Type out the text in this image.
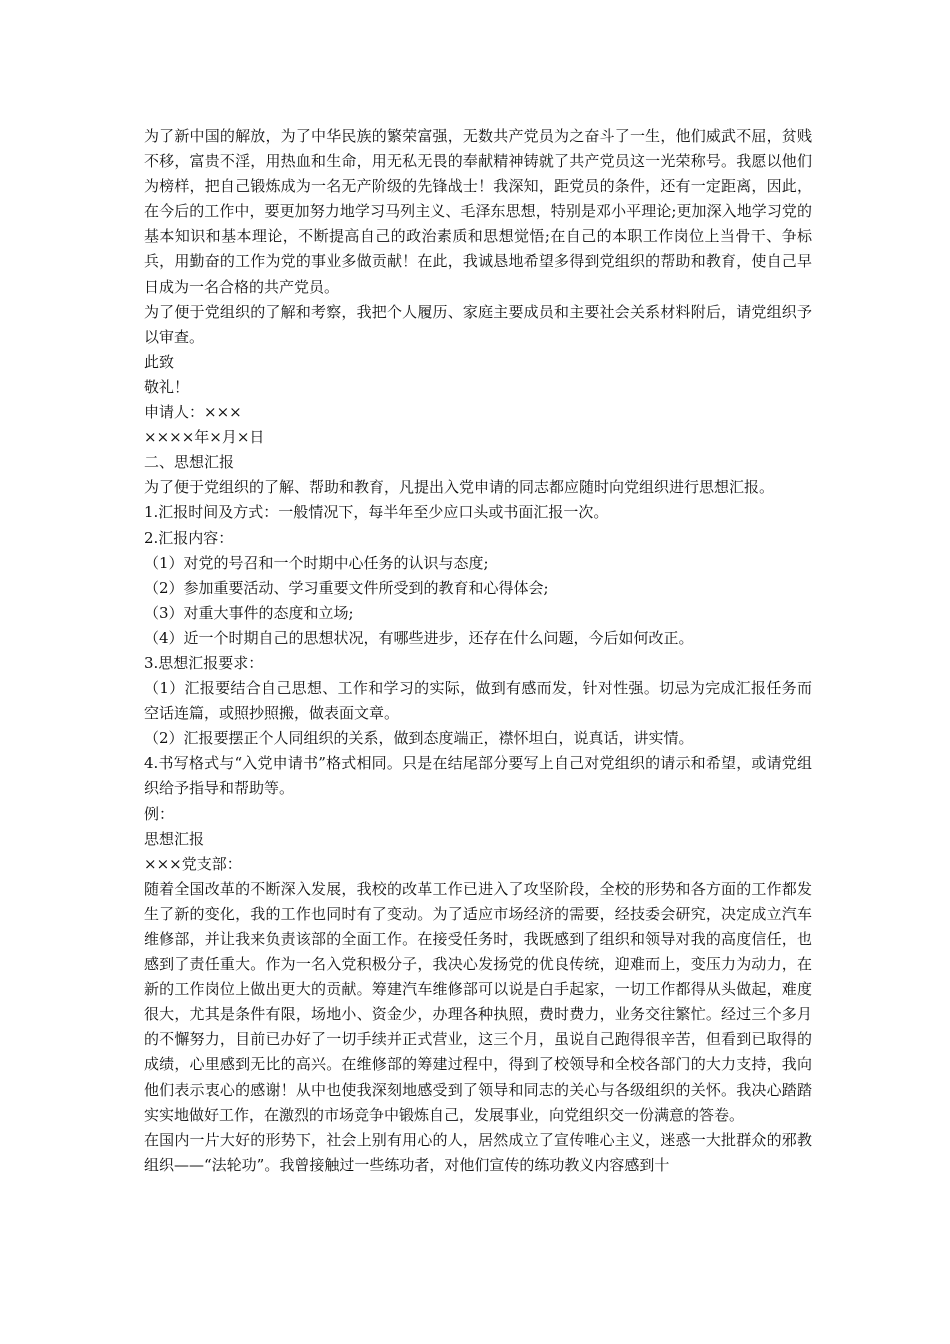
为了新中国的解放，为了中华民族的繁荣富强，无数共产党员为之奋斗了一生，他们威武不屈，贫贱不移，富贵不淫，用热血和生命，用无私无畏的奉献精神铸就了共产党员这一光荣称号。我愿以他们为榜样，把自己锻炼成为一名无产阶级的先锋战士！我深知，距党员的条件，还有一定距离，因此，在今后的工作中，要更加努力地学习马列主义、毛泽东思想，特别是邓小平理论;更加深入地学习党的基本知识和基本理论，不断提高自己的政治素质和思想觉悟;在自己的本职工作岗位上当骨干、争标兵，用勤奋的工作为党的事业多做贡献！在此，我诚恳地希望多得到党组织的帮助和教育，使自己早日成为一名合格的共产党员。

为了便于党组织的了解和考察，我把个人履历、家庭主要成员和主要社会关系材料附后，请党组织予以审查。

此致

敬礼！

申请人：×××

××××年×月×日

二、思想汇报

为了便于党组织的了解、帮助和教育，凡提出入党申请的同志都应随时向党组织进行思想汇报。

1.汇报时间及方式：一般情况下，每半年至少应口头或书面汇报一次。

2.汇报内容：

（1）对党的号召和一个时期中心任务的认识与态度;

（2）参加重要活动、学习重要文件所受到的教育和心得体会;

（3）对重大事件的态度和立场;

（4）近一个时期自己的思想状况，有哪些进步，还存在什么问题，今后如何改正。

3.思想汇报要求：

（1）汇报要结合自己思想、工作和学习的实际，做到有感而发，针对性强。切忌为完成汇报任务而空话连篇，或照抄照搬，做表面文章。

（2）汇报要摆正个人同组织的关系，做到态度端正，襟怀坦白，说真话，讲实情。

4.书写格式与“入党申请书”格式相同。只是在结尾部分要写上自己对党组织的请示和希望，或请党组织给予指导和帮助等。

例：

思想汇报

×××党支部：

随着全国改革的不断深入发展，我校的改革工作已进入了攻坚阶段，全校的形势和各方面的工作都发生了新的变化，我的工作也同时有了变动。为了适应市场经济的需要，经技委会研究，决定成立汽车维修部，并让我来负责该部的全面工作。在接受任务时，我既感到了组织和领导对我的高度信任，也感到了责任重大。作为一名入党积极分子，我决心发扬党的优良传统，迎难而上，变压力为动力，在新的工作岗位上做出更大的贡献。筹建汽车维修部可以说是白手起家，一切工作都得从头做起，难度很大，尤其是条件有限，场地小、资金少，办理各种执照，费时费力，业务交往繁忙。经过三个多月的不懈努力，目前已办好了一切手续并正式营业，这三个月，虽说自己跑得很辛苦，但看到已取得的成绩，心里感到无比的高兴。在维修部的筹建过程中，得到了校领导和全校各部门的大力支持，我向他们表示衷心的感谢！从中也使我深刻地感受到了领导和同志的关心与各级组织的关怀。我决心踏踏实实地做好工作，在激烈的市场竞争中锻炼自己，发展事业，向党组织交一份满意的答卷。

在国内一片大好的形势下，社会上别有用心的人，居然成立了宣传唯心主义，迷惑一大批群众的邪教组织——“法轮功”。我曾接触过一些练功者，对他们宣传的练功教义内容感到十
